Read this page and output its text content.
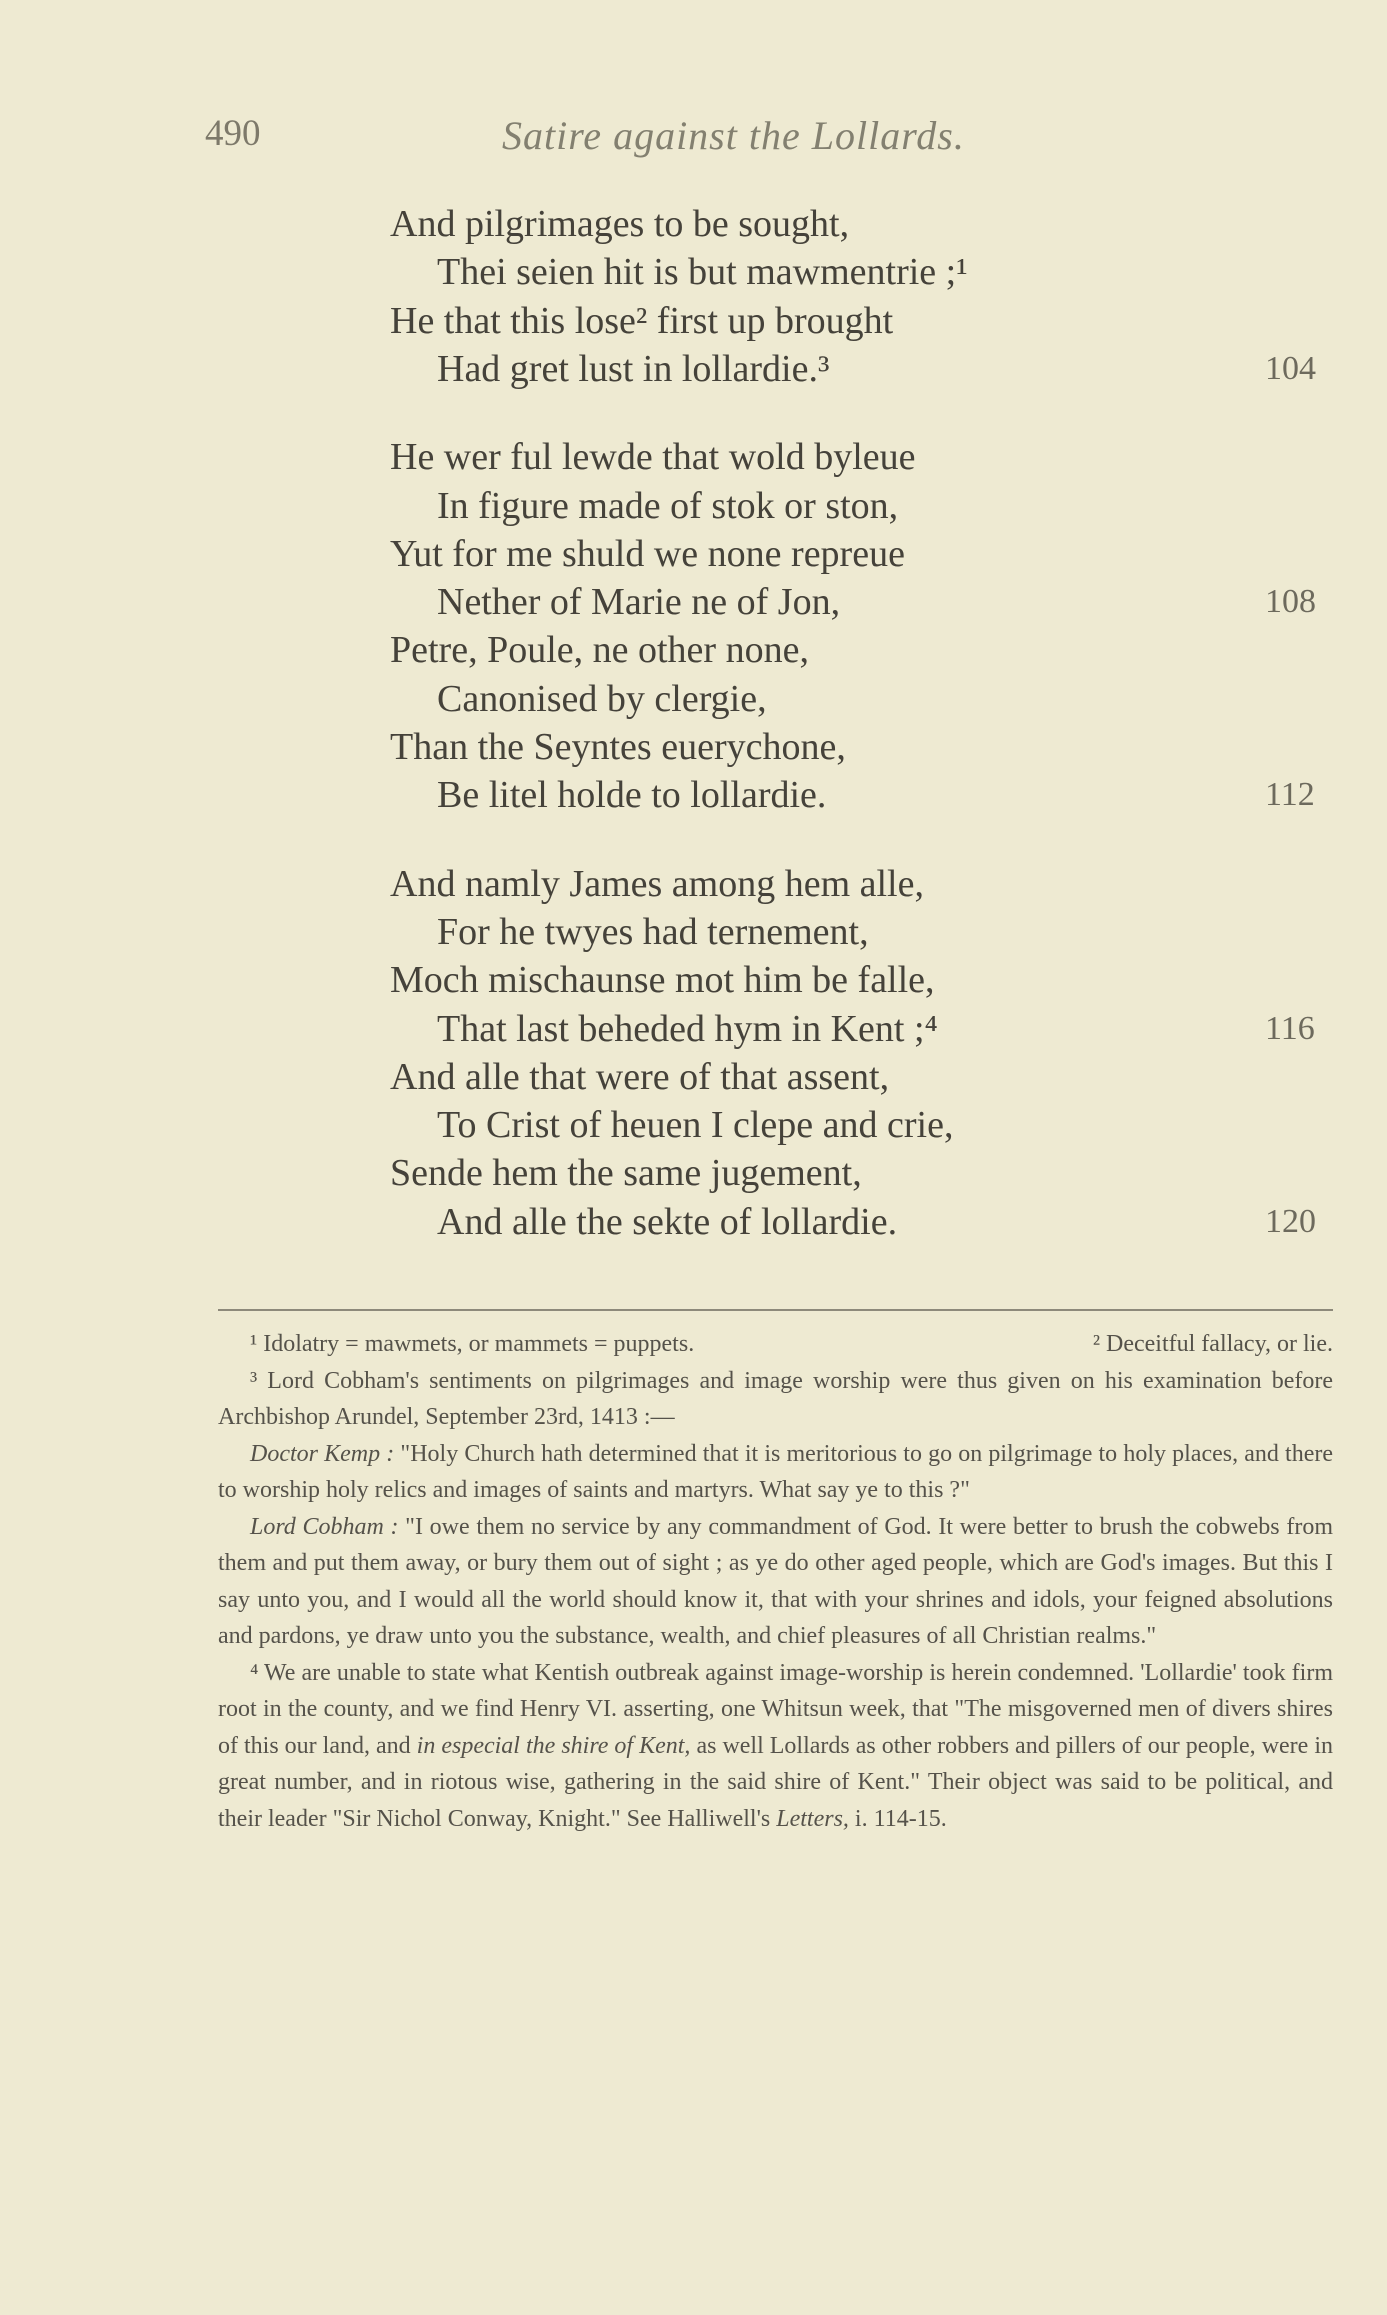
490	Satire against the Lollards.
And pilgrimages to be sought,
Thei seien hit is but mawmentrie ;¹
He that this lose² first up brought
Had gret lust in lollardie.³	104
He wer ful lewde that wold byleue
In figure made of stok or ston,
Yut for me shuld we none repreue
Nether of Marie ne of Jon,	108
Petre, Poule, ne other none,
Canonised by clergie,
Than the Seyntes euerychone,
Be litel holde to lollardie.	112
And namly James among hem alle,
For he twyes had ternement,
Moch mischaunse mot him be falle,
That last beheded hym in Kent ;⁴	116
And alle that were of that assent,
To Crist of heuen I clepe and crie,
Sende hem the same jugement,
And alle the sekte of lollardie.	120

¹ Idolatry = mawmets, or mammets = puppets.	² Deceitful fallacy, or lie.

³ Lord Cobham's sentiments on pilgrimages and image worship were thus given on his examination before Archbishop Arundel, September 23rd, 1413 :—

Doctor Kemp : "Holy Church hath determined that it is meritorious to go on pilgrimage to holy places, and there to worship holy relics and images of saints and martyrs. What say ye to this ?"

Lord Cobham : "I owe them no service by any commandment of God. It were better to brush the cobwebs from them and put them away, or bury them out of sight ; as ye do other aged people, which are God's images. But this I say unto you, and I would all the world should know it, that with your shrines and idols, your feigned absolutions and pardons, ye draw unto you the substance, wealth, and chief pleasures of all Christian realms."

⁴ We are unable to state what Kentish outbreak against image-worship is herein condemned. 'Lollardie' took firm root in the county, and we find Henry VI. asserting, one Whitsun week, that "The misgoverned men of divers shires of this our land, and in especial the shire of Kent, as well Lollards as other robbers and pillers of our people, were in great number, and in riotous wise, gathering in the said shire of Kent." Their object was said to be political, and their leader "Sir Nichol Conway, Knight." See Halliwell's Letters, i. 114-15.
